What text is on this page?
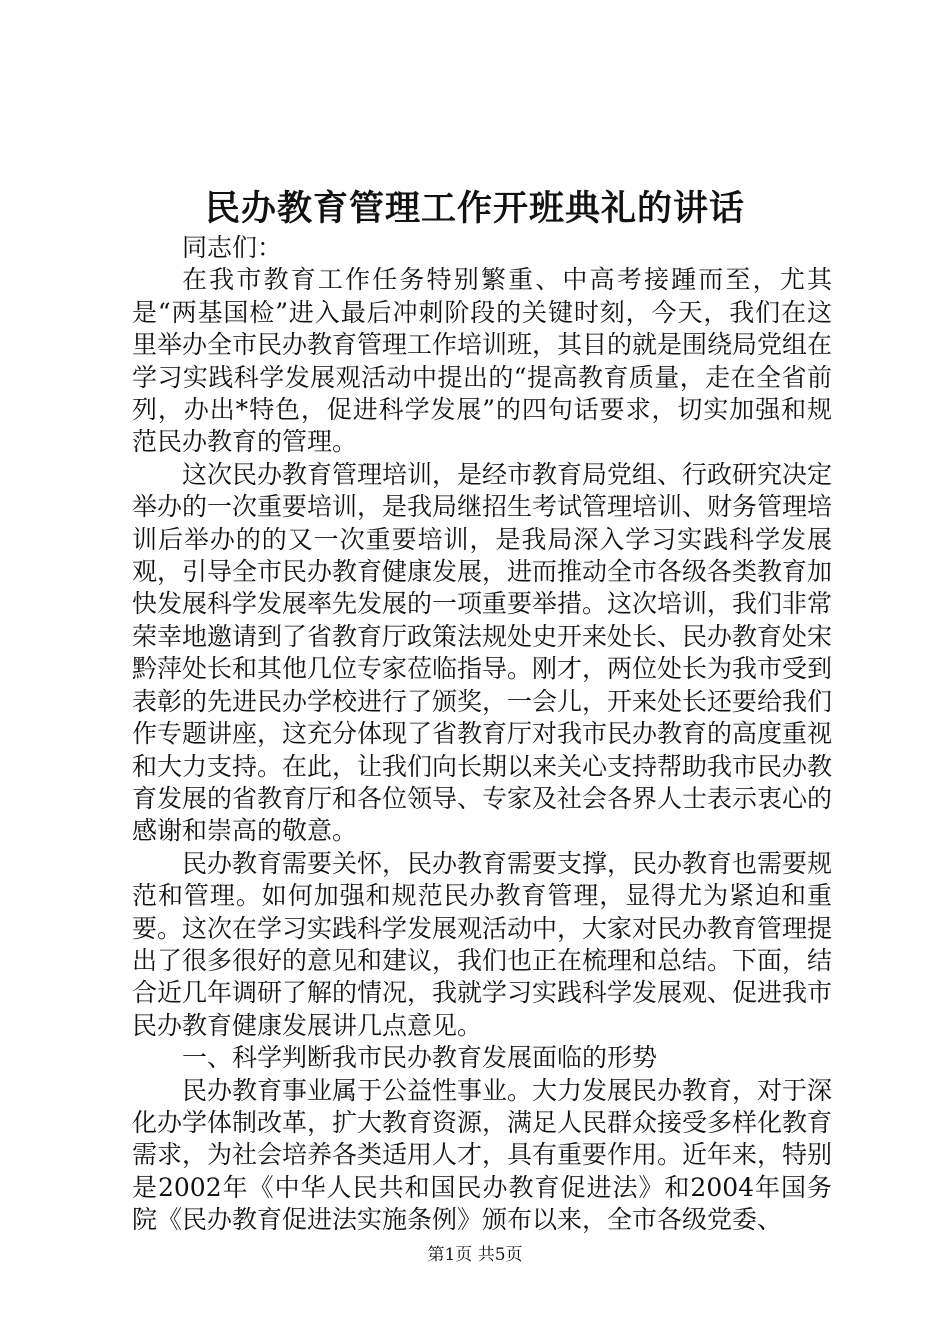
民办教育管理工作开班典礼的讲话

同志们：

在我市教育工作任务特别繁重、中高考接踵而至，尤其是“两基国检”进入最后冲刺阶段的关键时刻，今天，我们在这里举办全市民办教育管理工作培训班，其目的就是围绕局党组在学习实践科学发展观活动中提出的“提高教育质量，走在全省前列，办出*特色，促进科学发展”的四句话要求，切实加强和规范民办教育的管理。

这次民办教育管理培训，是经市教育局党组、行政研究决定举办的一次重要培训，是我局继招生考试管理培训、财务管理培训后举办的的又一次重要培训，是我局深入学习实践科学发展观，引导全市民办教育健康发展，进而推动全市各级各类教育加快发展科学发展率先发展的一项重要举措。这次培训，我们非常荣幸地邀请到了省教育厅政策法规处史开来处长、民办教育处宋黔萍处长和其他几位专家莅临指导。刚才，两位处长为我市受到表彰的先进民办学校进行了颁奖，一会儿，开来处长还要给我们作专题讲座，这充分体现了省教育厅对我市民办教育的高度重视和大力支持。在此，让我们向长期以来关心支持帮助我市民办教育发展的省教育厅和各位领导、专家及社会各界人士表示衷心的感谢和崇高的敬意。

民办教育需要关怀，民办教育需要支撑，民办教育也需要规范和管理。如何加强和规范民办教育管理，显得尤为紧迫和重要。这次在学习实践科学发展观活动中，大家对民办教育管理提出了很多很好的意见和建议，我们也正在梳理和总结。下面，结合近几年调研了解的情况，我就学习实践科学发展观、促进我市民办教育健康发展讲几点意见。

一、科学判断我市民办教育发展面临的形势

民办教育事业属于公益性事业。大力发展民办教育，对于深化办学体制改革，扩大教育资源，满足人民群众接受多样化教育需求，为社会培养各类适用人才，具有重要作用。近年来，特别是2002年《中华人民共和国民办教育促进法》和2004年国务院《民办教育促进法实施条例》颁布以来，全市各级党委、

第1页 共5页
